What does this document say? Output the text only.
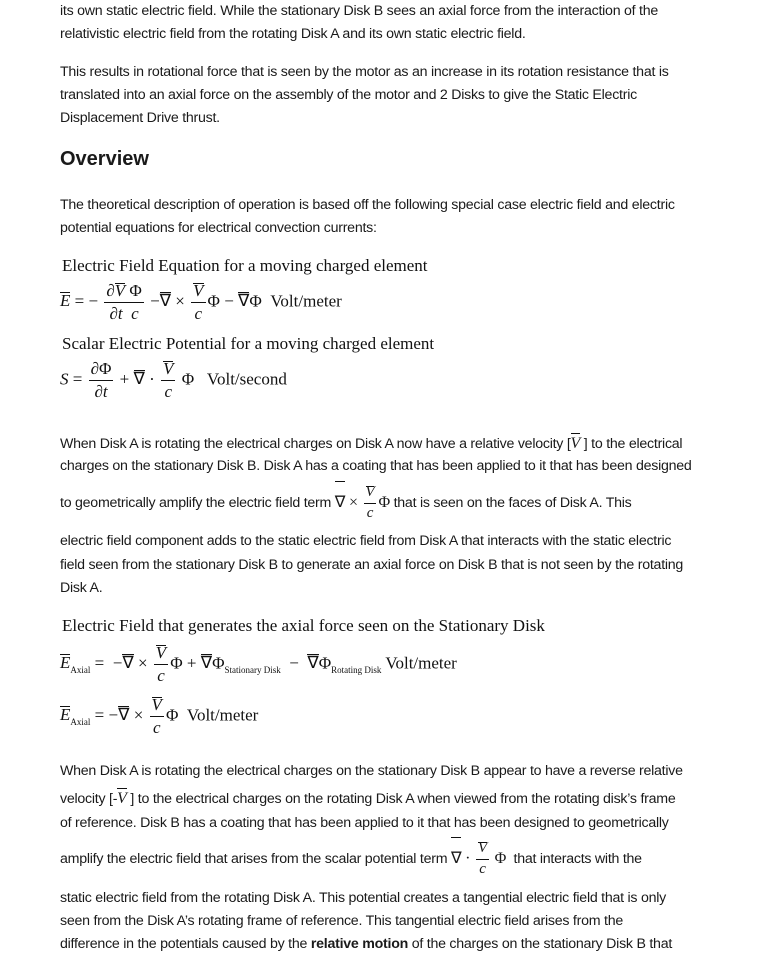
its own static electric field. While the stationary Disk B sees an axial force from the interaction of the

relativistic electric field from the rotating Disk A and its own static electric field.

This results in rotational force that is seen by the motor as an increase in its rotation resistance that is

translated into an axial force on the assembly of the motor and 2 Disks to give the Static Electric

Displacement Drive thrust.

Overview

The theoretical description of operation is based off the following special case electric field and electric

potential equations for electrical convection currents:

Electric Field Equation for a moving charged element
E = − $\frac{\text{∂V Φ}}{\text{∂t c}}$ −∇ × $\frac{V}{c}$ Φ − ∇Φ  Volt/meter
Scalar Electric Potential for a moving charged element
$S = \frac{\partial\Phi}{\partial t}$ + ∇ · $\frac{V}{c}$ Φ   Volt/second

When Disk A is rotating the electrical charges on Disk A now have a relative velocity [V ] to the electrical

charges on the stationary Disk B. Disk A has a coating that has been applied to it that has been designed

to geometrically amplify the electric field term ∇ × $\frac{V}{c}$ Φ that is seen on the faces of Disk A. This

electric field component adds to the static electric field from Disk A that interacts with the static electric

field seen from the stationary Disk B to generate an axial force on Disk B that is not seen by the rotating

Disk A.

Electric Field that generates the axial force seen on the Stationary Disk
$E_{Axial}$ =  −∇ × $\frac{V}{c}$ $\Phi + \nabla\Phi_{Stationary Disk} - \nabla\Phi_{Rotating Disk}$ Volt/meter
$E_{Axial}$ = −∇ × $\frac{V}{c}$ Φ  Volt/meter

When Disk A is rotating the electrical charges on the stationary Disk B appear to have a reverse relative

velocity [-V ] to the electrical charges on the rotating Disk A when viewed from the rotating disk’s frame

of reference. Disk B has a coating that has been applied to it that has been designed to geometrically

amplify the electric field that arises from the scalar potential term ∇ · $\frac{V}{c}$ Φ that interacts with the

static electric field from the rotating Disk A. This potential creates a tangential electric field that is only

seen from the Disk A’s rotating frame of reference. This tangential electric field arises from the

difference in the potentials caused by the relative motion of the charges on the stationary Disk B that
